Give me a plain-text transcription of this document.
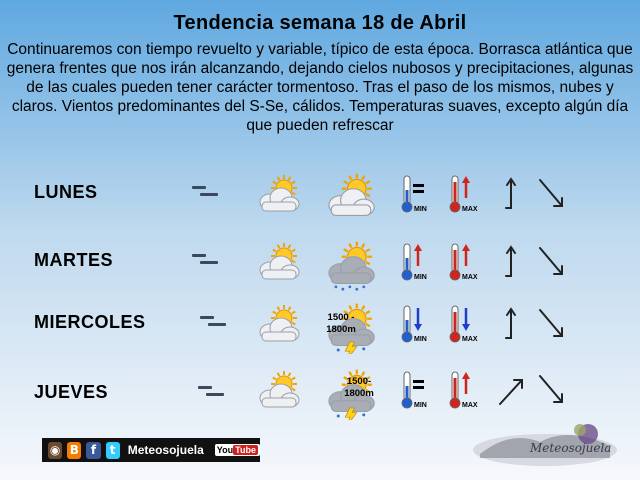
Tendencia semana 18 de Abril
Continuaremos con tiempo revuelto y variable, típico de esta época. Borrasca atlántica que genera frentes que nos irán alcanzando, dejando cielos nubosos y precipitaciones, algunas de las cuales pueden tener carácter tormentoso. Tras el paso de los mismos, nubes y claros. Vientos predominantes del S-Se, cálidos. Temperaturas suaves, excepto algún día que pueden refrescar
LUNES
MIN	MAX
MARTES
MIN	MAX
MIERCOLES	1500 - 1800m
MIN	MAX
JUEVES
1500-
1800m
MIN	MAX
◉ B f	t	Meteosojuela You Tube	Meteosojuela
